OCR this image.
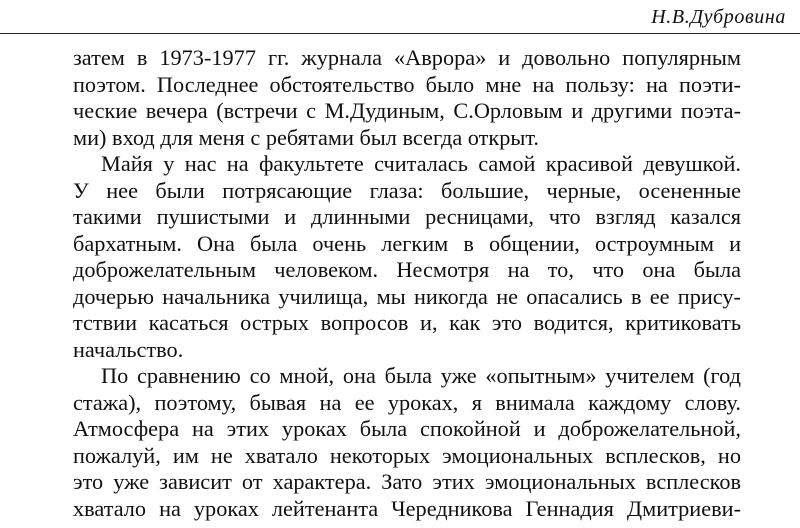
Н.В.Дубровина
затем в 1973-1977 гг. журнала «Аврора» и довольно популярным
поэтом. Последнее обстоятельство было мне на пользу: на поэти-
ческие вечера (встречи с М.Дудиным, С.Орловым и другими поэта-
ми) вход для меня с ребятами был всегда открыт.
Майя у нас на факультете считалась самой красивой девушкой.
У нее были потрясающие глаза: большие, черные, осененные
такими пушистыми и длинными ресницами, что взгляд казался
бархатным. Она была очень легким в общении, остроумным и
доброжелательным человеком. Несмотря на то, что она была
дочерью начальника училища, мы никогда не опасались в ее прису-
тствии касаться острых вопросов и, как это водится, критиковать
начальство.
По сравнению со мной, она была уже «опытным» учителем (год
стажа), поэтому, бывая на ее уроках, я внимала каждому слову.
Атмосфера на этих уроках была спокойной и доброжелательной,
пожалуй, им не хватало некоторых эмоциональных всплесков, но
это уже зависит от характера. Зато этих эмоциональных всплесков
хватало на уроках лейтенанта Чередникова Геннадия Дмитриеви-
